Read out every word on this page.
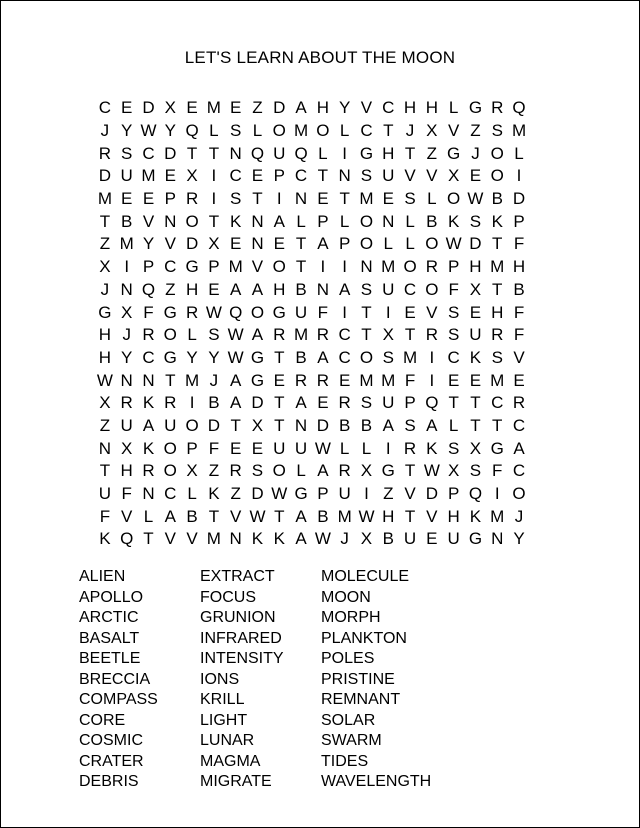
LET'S LEARN ABOUT THE MOON
C E D X E M E Z D A H Y V C H H L G R Q
J Y W Y Q L S L O M O L C T J X V Z S M
R S C D T T N Q U Q L I G H T Z G J O L
D U M E X I C E P C T N S U V V X E O I
M E E P R I S T I N E T M E S L O W B D
T B V N O T K N A L P L O N L B K S K P
Z M Y V D X E N E T A P O L L O W D T F
X I P C G P M V O T I	I N M O R P H M H
J N Q Z H E A A H B N A S U C O F X T B
G X F G R W Q O G U F I T I E V S E H F
H J R O L S W A R M R C T X T R S U R F
H Y C G Y Y W G T B A C O S M I C K S V
W N N T M J A G E R R E M M F I E E M E
X R K R I B A D T A E R S U P Q T T C R
Z U A U O D T X T N D B B A S A L T T C
N X K O P F E E U U W L L I R K S X G A
T H R O X Z R S O L A R X G T W X S F C
U F N C L K Z D W G P U I Z V D P Q I O
F V L A B T V W T A B M W H T V H K M J
K Q T V V M N K K A W J X B U E U G N Y
ALIEN
APOLLO
ARCTIC
BASALT
BEETLE
BRECCIA
COMPASS
CORE
COSMIC
CRATER
DEBRIS
EXTRACT
FOCUS
GRUNION
INFRARED
INTENSITY
IONS
KRILL
LIGHT
LUNAR
MAGMA
MIGRATE
MOLECULE
MOON
MORPH
PLANKTON
POLES
PRISTINE
REMNANT
SOLAR
SWARM
TIDES
WAVELENGTH
